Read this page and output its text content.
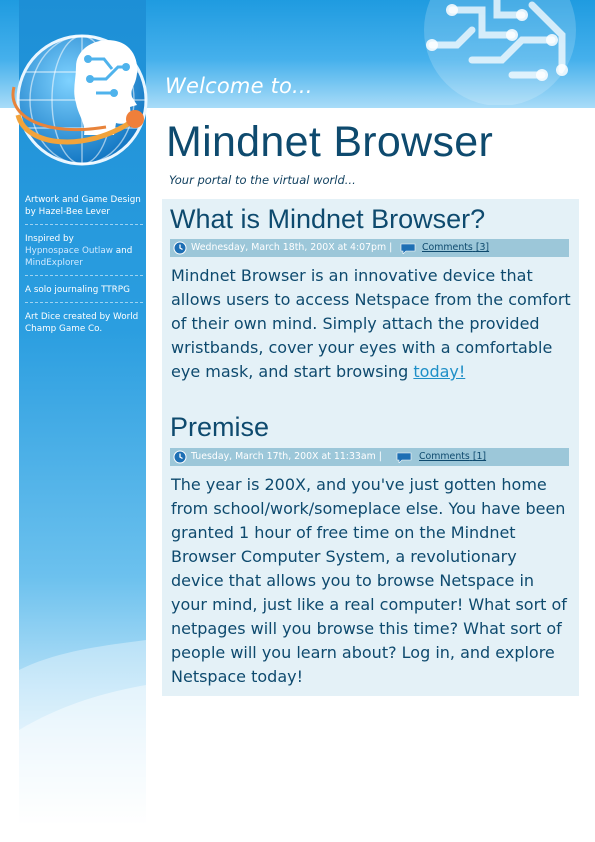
Artwork and Game Design by Hazel-Bee Lever
Inspired by
Hypnospace Outlaw and
MindExplorer
A solo journaling TTRPG
Art Dice created by World Champ Game Co.
Welcome to...
Mindnet Browser
Your portal to the virtual world...
What is Mindnet Browser?
Wednesday, March 18th, 200X at 4:07pm |	Comments [3]
Mindnet Browser is an innovative device that allows users to access Netspace from the comfort of their own mind. Simply attach the provided wristbands, cover your eyes with a comfortable eye mask, and start browsing today!
Premise
Tuesday, March 17th, 200X at 11:33am |	Comments [1]
The year is 200X, and you've just gotten home from school/work/someplace else. You have been granted 1 hour of free time on the Mindnet Browser Computer System, a revolutionary device that allows you to browse Netspace in your mind, just like a real computer! What sort of netpages will you browse this time? What sort of people will you learn about? Log in, and explore Netspace today!
